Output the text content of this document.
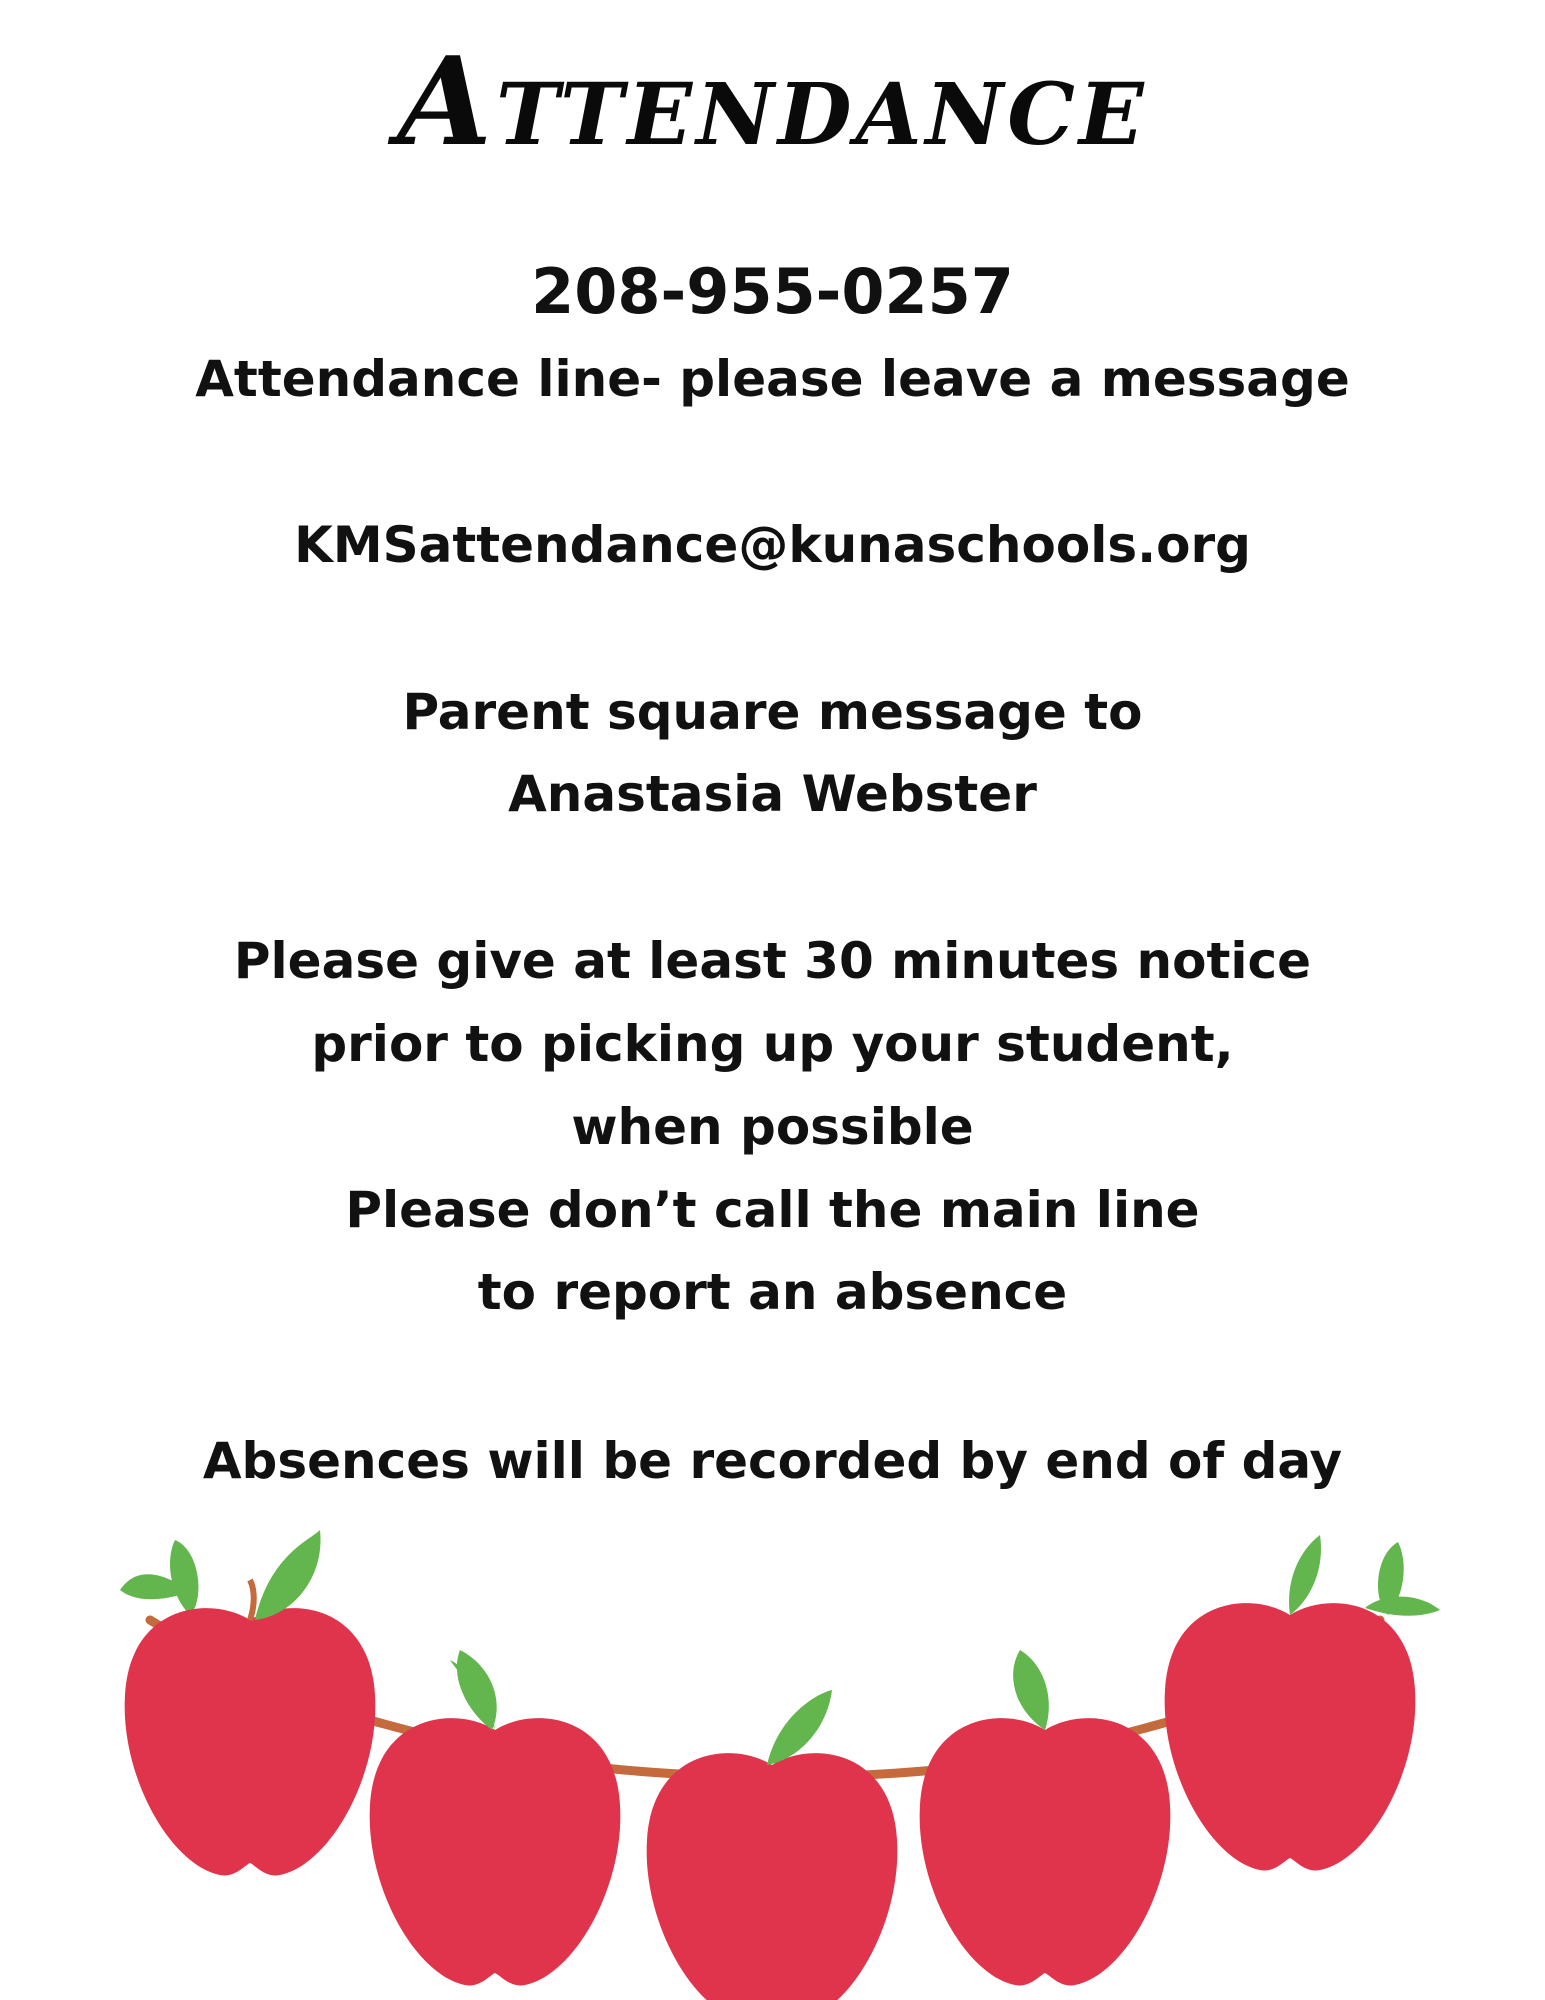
Attendance
208-955-0257
Attendance line- please leave a message
KMSattendance@kunaschools.org
Parent square message to
Anastasia Webster
Please give at least 30 minutes notice
prior to picking up your student,
when possible
Please don’t call the main line
to report an absence
Absences will be recorded by end of day
